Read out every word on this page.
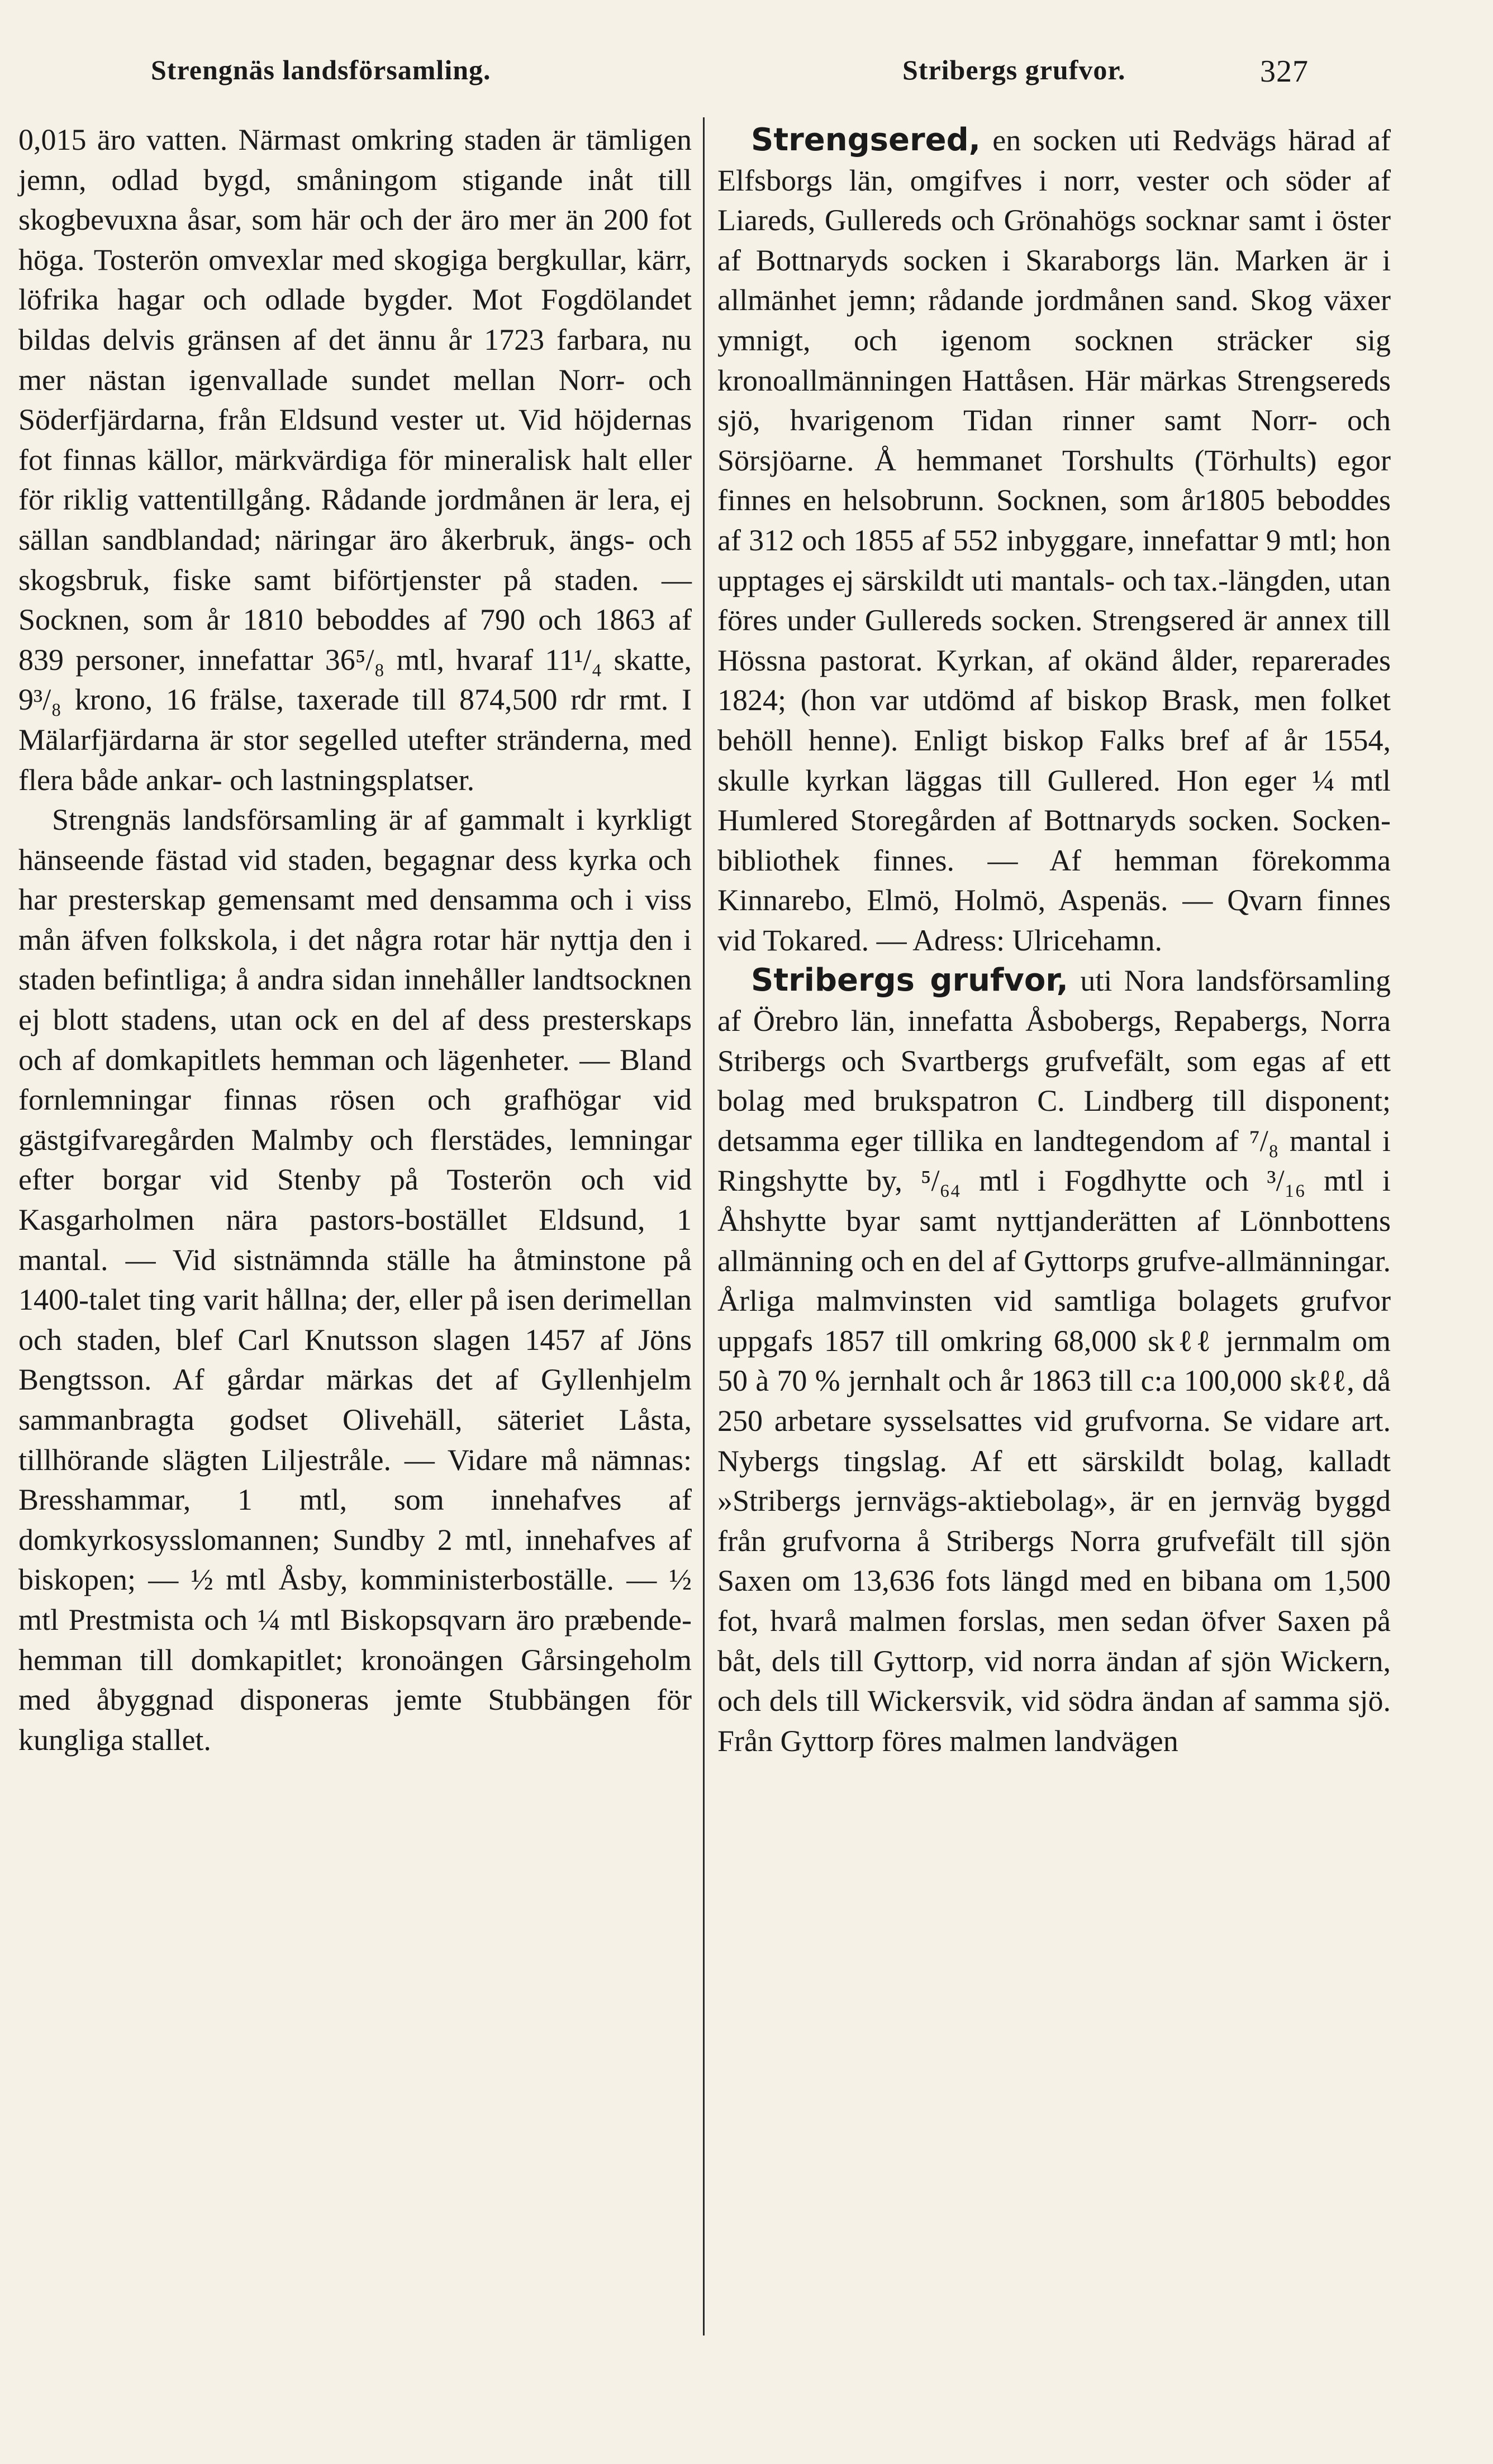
Strengnäs landsförsamling.	Stribergs grufvor.	327

0,015 äro vatten. Närmast omkring staden är tämligen jemn, odlad bygd, småningom stigande inåt till skogbevuxna åsar, som här och der äro mer än 200 fot höga. Tosterön omvexlar med skogiga bergkullar, kärr, löfrika hagar och odlade bygder. Mot Fogdölandet bildas delvis gränsen af det ännu år 1723 farbara, nu mer nästan igenvallade sundet mellan Norr- och Söderfjärdarna, från Eldsund vester ut. Vid höjdernas fot finnas källor, märkvärdiga för mineralisk halt eller för riklig vattentillgång. Rådande jordmånen är lera, ej sällan sandblandad; näringar äro åkerbruk, ängs- och skogsbruk, fiske samt biförtjenster på staden. — Socknen, som år 1810 beboddes af 790 och 1863 af 839 personer, innefattar 36⁵/₈ mtl, hvaraf 11¹/₄ skatte, 9³/₈ krono, 16 frälse, taxerade till 874,500 rdr rmt. I Mälarfjärdarna är stor segelled utefter stränderna, med flera både ankar- och lastningsplatser.

Strengnäs landsförsamling är af gammalt i kyrkligt hänseende fästad vid staden, begagnar dess kyrka och har presterskap gemensamt med densamma och i viss mån äfven folkskola, i det några rotar här nyttja den i staden befintliga; å andra sidan innehåller landtsocknen ej blott stadens, utan ock en del af dess presterskaps och af domkapitlets hemman och lägenheter. — Bland fornlemningar finnas rösen och grafhögar vid gästgifvaregården Malmby och flerstädes, lemningar efter borgar vid Stenby på Tosterön och vid Kasgarholmen nära pastors-bostället Eldsund, 1 mantal. — Vid sistnämnda ställe ha åtminstone på 1400-talet ting varit hållna; der, eller på isen derimellan och staden, blef Carl Knutsson slagen 1457 af Jöns Bengtsson. Af gårdar märkas det af Gyllenhjelm sammanbragta godset Olivehäll, säteriet Låsta, tillhörande slägten Liljestråle. — Vidare må nämnas: Bresshammar, 1 mtl, som innehafves af domkyrkosysslomannen; Sundby 2 mtl, innehafves af biskopen; — ½ mtl Åsby, komministerboställe. — ½ mtl Prestmista och ¼ mtl Biskopsqvarn äro præbende-hemman till domkapitlet; kronoängen Gårsingeholm med åbyggnad disponeras jemte Stubbängen för kungliga stallet.

Strengsered, en socken uti Redvägs härad af Elfsborgs län, omgifves i norr, vester och söder af Liareds, Gullereds och Grönahögs socknar samt i öster af Bottnaryds socken i Skaraborgs län. Marken är i allmänhet jemn; rådande jordmånen sand. Skog växer ymnigt, och igenom socknen sträcker sig kronoallmänningen Hattåsen. Här märkas Strengsereds sjö, hvarigenom Tidan rinner samt Norr- och Sörsjöarne. Å hemmanet Torshults (Törhults) egor finnes en helsobrunn. Socknen, som år1805 beboddes af 312 och 1855 af 552 inbyggare, innefattar 9 mtl; hon upptages ej särskildt uti mantals- och tax.-längden, utan föres under Gullereds socken. Strengsered är annex till Hössna pastorat. Kyrkan, af okänd ålder, reparerades 1824; (hon var utdömd af biskop Brask, men folket behöll henne). Enligt biskop Falks bref af år 1554, skulle kyrkan läggas till Gullered. Hon eger ¼ mtl Humlered Storegården af Bottnaryds socken. Socken-bibliothek finnes. — Af hemman förekomma Kinnarebo, Elmö, Holmö, Aspenäs. — Qvarn finnes vid Tokared. — Adress: Ulricehamn.

Stribergs grufvor, uti Nora landsförsamling af Örebro län, innefatta Åsbobergs, Repabergs, Norra Stribergs och Svartbergs grufvefält, som egas af ett bolag med brukspatron C. Lindberg till disponent; detsamma eger tillika en landtegendom af ⁷/₈ mantal i Ringshytte by, ⁵/₆₄ mtl i Fogdhytte och ³/₁₆ mtl i Åhshytte byar samt nyttjanderätten af Lönnbottens allmänning och en del af Gyttorps grufve-allmänningar. Årliga malmvinsten vid samtliga bolagets grufvor uppgafs 1857 till omkring 68,000 skℓℓ jernmalm om 50 à 70 % jernhalt och år 1863 till c:a 100,000 skℓℓ, då 250 arbetare sysselsattes vid grufvorna. Se vidare art. Nybergs tingslag. Af ett särskildt bolag, kalladt »Stribergs jernvägs-aktiebolag», är en jernväg byggd från grufvorna å Stribergs Norra grufvefält till sjön Saxen om 13,636 fots längd med en bibana om 1,500 fot, hvarå malmen forslas, men sedan öfver Saxen på båt, dels till Gyttorp, vid norra ändan af sjön Wickern, och dels till Wickersvik, vid södra ändan af samma sjö. Från Gyttorp föres malmen landvägen
